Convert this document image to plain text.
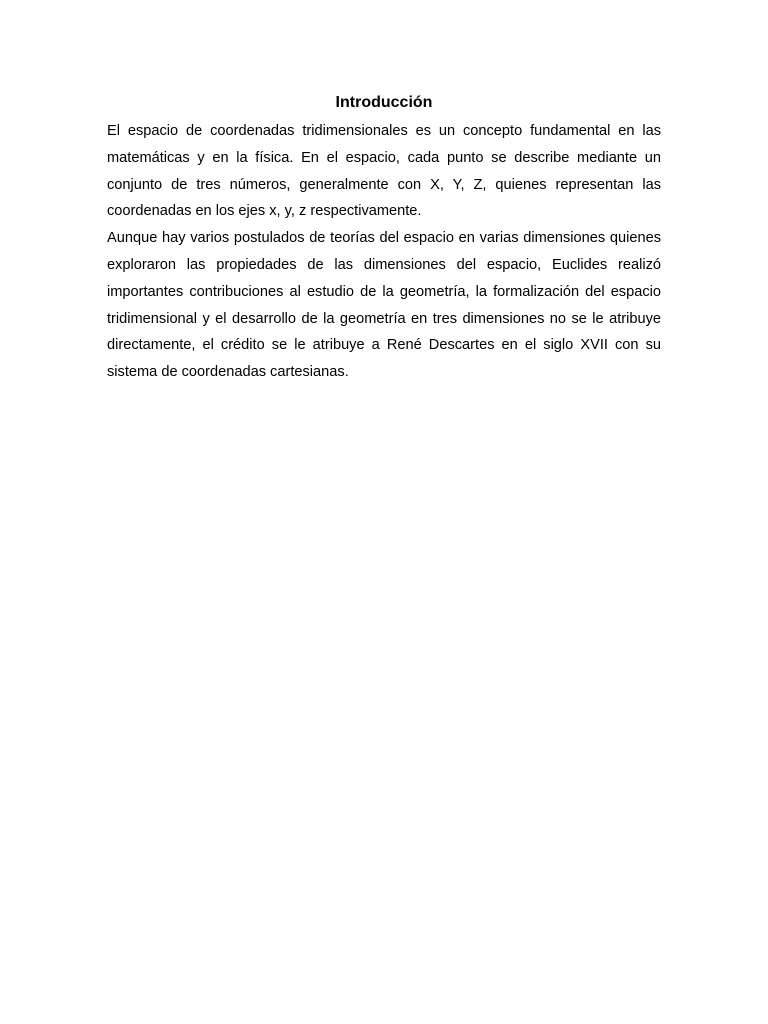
Introducción

El espacio de coordenadas tridimensionales es un concepto fundamental en las matemáticas y en la física. En el espacio, cada punto se describe mediante un conjunto de tres números, generalmente con X, Y, Z, quienes representan las coordenadas en los ejes x, y, z respectivamente.

Aunque hay varios postulados de teorías del espacio en varias dimensiones quienes exploraron las propiedades de las dimensiones del espacio, Euclides realizó importantes contribuciones al estudio de la geometría, la formalización del espacio tridimensional y el desarrollo de la geometría en tres dimensiones no se le atribuye directamente, el crédito se le atribuye a René Descartes en el siglo XVII con su sistema de coordenadas cartesianas.
